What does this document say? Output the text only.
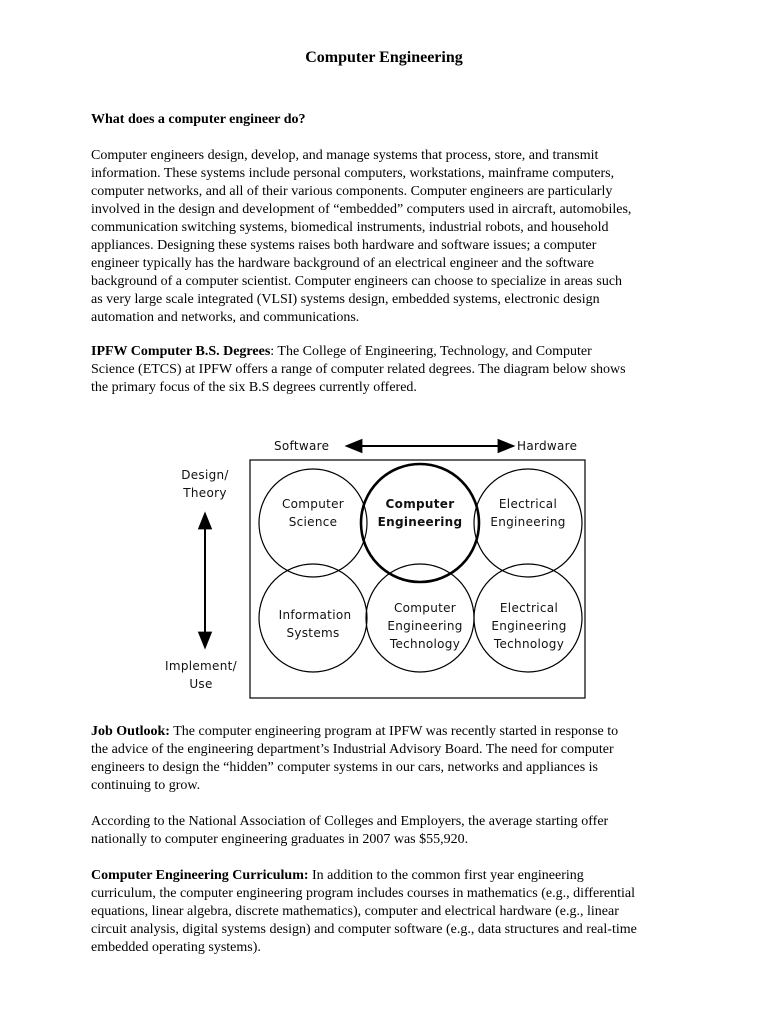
Computer Engineering
What does a computer engineer do?
Computer engineers design, develop, and manage systems that process, store, and transmit
information. These systems include personal computers, workstations, mainframe computers,
computer networks, and all of their various components. Computer engineers are particularly
involved in the design and development of “embedded” computers used in aircraft, automobiles,
communication switching systems, biomedical instruments, industrial robots, and household
appliances. Designing these systems raises both hardware and software issues; a computer
engineer typically has the hardware background of an electrical engineer and the software
background of a computer scientist. Computer engineers can choose to specialize in areas such
as very large scale integrated (VLSI) systems design, embedded systems, electronic design
automation and networks, and communications.
IPFW Computer B.S. Degrees: The College of Engineering, Technology, and Computer
Science (ETCS) at IPFW offers a range of computer related degrees. The diagram below shows
the primary focus of the six B.S degrees currently offered.
Software	Hardware
Design/
Theory
Implement/
Use
Computer
Science
Computer
Engineering
Electrical
Engineering
Information
Systems
Computer
Engineering
Technology
Electrical
Engineering
Technology
Job Outlook: The computer engineering program at IPFW was recently started in response to
the advice of the engineering department’s Industrial Advisory Board. The need for computer
engineers to design the “hidden” computer systems in our cars, networks and appliances is
continuing to grow.
According to the National Association of Colleges and Employers, the average starting offer
nationally to computer engineering graduates in 2007 was $55,920.
Computer Engineering Curriculum: In addition to the common first year engineering
curriculum, the computer engineering program includes courses in mathematics (e.g., differential
equations, linear algebra, discrete mathematics), computer and electrical hardware (e.g., linear
circuit analysis, digital systems design) and computer software (e.g., data structures and real-time
embedded operating systems).
